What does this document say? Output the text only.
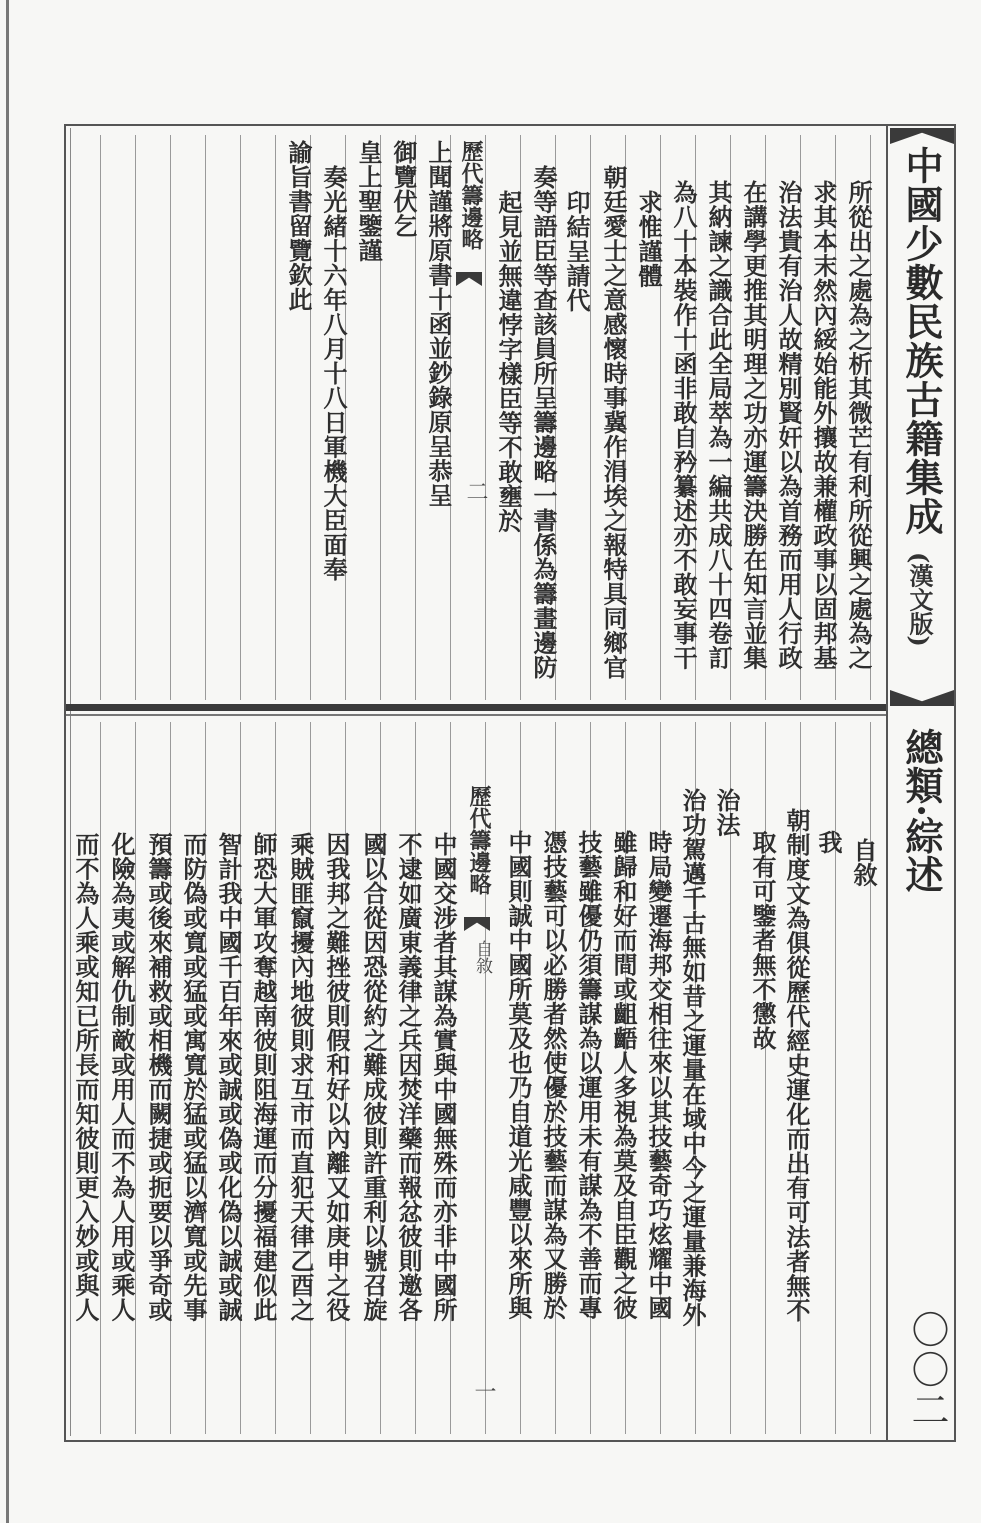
中國少數民族古籍集成
(漢文版)
總類·綜述
〇〇二
所從出之處為之析其微芒有利所從興之處為之
求其本末然內綏始能外攘故兼權政事以固邦基
治法貴有治人故精別賢奸以為首務而用人行政
在講學更推其明理之功亦運籌決勝在知言並集
其納諫之識合此全局萃為一編共成八十四卷訂
為八十本裝作十函非敢自矜纂述亦不敢妄事干
求惟謹體
朝廷愛士之意感懷時事冀作涓埃之報特具同鄉官
印結呈請代
奏等語臣等查該員所呈籌邊略一書係為籌畫邊防
起見並無違悖字樣臣等不敢壅於
歷代籌邊略
二
上聞謹將原書十函並鈔錄原呈恭呈
御覽伏乞
皇上聖鑒謹
奏光緒十六年八月十八日軍機大臣面奉
諭旨書留覽欽此
自敘
我
朝制度文為俱從歷代經史運化而出有可法者無不
取有可鑒者無不懲故
治法
治功駕邁千古無如昔之運量在域中今之運量兼海外
時局變遷海邦交相往來以其技藝奇巧炫耀中國
雖歸和好而間或齟齬人多視為莫及自臣觀之彼
技藝雖優仍須籌謀為以運用未有謀為不善而專
憑技藝可以必勝者然使優於技藝而謀為又勝於
中國則誠中國所莫及也乃自道光咸豐以來所與
歷代籌邊略
自敘
一
中國交涉者其謀為實與中國無殊而亦非中國所
不逮如廣東義律之兵因焚洋藥而報忿彼則邀各
國以合從因恐從約之難成彼則許重利以號召旋
因我邦之難挫彼則假和好以內離又如庚申之役
乘賊匪竄擾內地彼則求互市而直犯天律乙酉之
師恐大軍攻奪越南彼則阻海運而分擾福建似此
智計我中國千百年來或誠或偽或化偽以誠或誠
而防偽或寬或猛或寓寬於猛或猛以濟寬或先事
預籌或後來補救或相機而闕捷或扼要以爭奇或
化險為夷或解仇制敵或用人而不為人用或乘人
而不為人乘或知已所長而知彼則更入妙或與人
